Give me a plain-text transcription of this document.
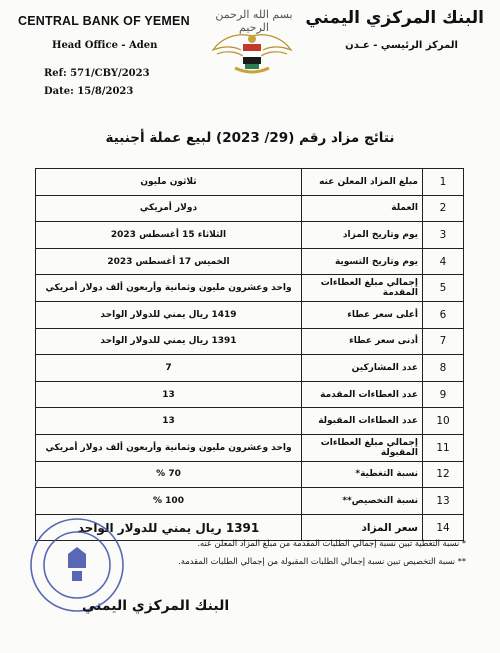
CENTRAL BANK OF YEMEN
Head Office - Aden
البنك المركزي اليمني
المركز الرئيسي - عـدن
بسم الله الرحمن الرحيم
Ref: 571/CBY/2023
Date: 15/8/2023
نتائج مزاد رقم (29/ 2023) لبيع عملة أجنبية
1	مبلغ المزاد المعلن عنه	ثلاثون مليون
2	العملة	دولار أمريكي
3	يوم وتاريخ المزاد	الثلاثاء 15 أغسطس 2023
4	يوم وتاريخ التسوية	الخميس 17 أغسطس 2023
5	إجمالي مبلغ العطاءات المقدمة	واحد وعشرون مليون وثمانية وأربعون ألف دولار أمريكي
6	أعلى سعر عطاء	1419 ريال يمني للدولار الواحد
7	أدنى سعر عطاء	1391 ريال يمني للدولار الواحد
8	عدد المشاركين	7
9	عدد العطاءات المقدمة	13
10	عدد العطاءات المقبولة	13
11	إجمالي مبلغ العطاءات المقبولة	واحد وعشرون مليون وثمانية وأربعون ألف دولار أمريكي
12	نسبة التغطية*	70 %
13	نسبة التخصيص**	100 %
14	سعر المزاد	1391 ريال يمني للدولار الواحد
* نسبة التغطية تبين نسبة إجمالي الطلبات المقدمة من مبلغ المزاد المعلن عنه.
** نسبة التخصيص تبين نسبة إجمالي الطلبات المقبولة من إجمالي الطلبات المقدمة.
البنك المركزي اليمني
